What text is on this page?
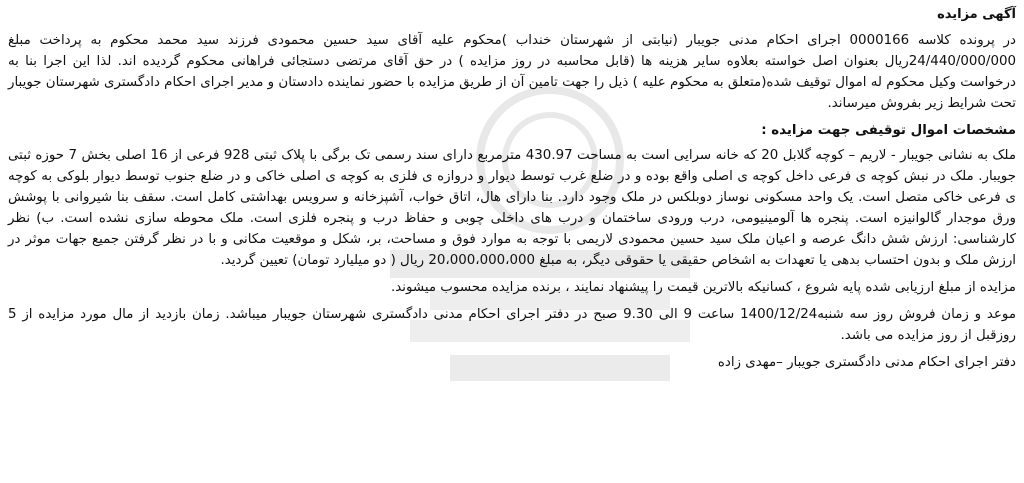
آگهی مزایده

در پرونده کلاسه 0000166 اجرای احکام مدنی جویبار (نیابتی از شهرستان خنداب )محکوم علیه آقای سید حسین محمودی فرزند سید محمد محکوم به پرداخت مبلغ 24/440/000/000ریال بعنوان اصل خواسته بعلاوه سایر هزینه ها (قابل محاسبه در روز مزایده ) در حق آقای مرتضی دستجائی فراهانی محکوم گردیده اند. لذا این اجرا بنا به درخواست وکیل محکوم له اموال توقیف شده(متعلق به محکوم علیه ) ذیل را جهت تامین آن از طریق مزایده با حضور نماینده دادستان و مدیر اجرای احکام دادگستری شهرستان جویبار تحت شرایط زیر بفروش میرساند.

مشخصات اموال توقیفی جهت مزایده :

ملک به نشانی جویبار - لاریم – کوچه گلابل 20 که خانه سرایی است به مساحت 430.97 مترمربع دارای سند رسمی تک برگی با پلاک ثبتی 928 فرعی از 16 اصلی بخش 7 حوزه ثبتی جویبار. ملک در نبش کوچه ی فرعی داخل کوچه ی اصلی واقع بوده و در ضلع غرب توسط دیوار و دروازه ی فلزی به کوچه ی اصلی خاکی و در ضلع جنوب توسط دیوار بلوکی به کوچه ی فرعی خاکی متصل است. یک واحد مسکونی نوساز دوبلکس در ملک وجود دارد. بنا دارای هال، اتاق خواب، آشپزخانه و سرویس بهداشتی کامل است. سقف بنا شیروانی با پوشش ورق موجدار گالوانیزه است. پنجره ها آلومینیومی، درب ورودی ساختمان و درب های داخلی چوبی و حفاظ درب و پنجره فلزی است. ملک محوطه سازی نشده است. ب) نظر کارشناسی: ارزش شش دانگ عرصه و اعیان ملک سید حسین محمودی لاریمی با توجه به موارد فوق و مساحت، بر، شکل و موقعیت مکانی و با در نظر گرفتن جمیع جهات موثر در ارزش ملک و بدون احتساب بدهی یا تعهدات به اشخاص حقیقی یا حقوقی دیگر، به مبلغ 20،000،000،000 ریال ( دو میلیارد تومان) تعیین گردید.

مزایده از مبلغ ارزیابی شده پایه شروع ، کسانیکه بالاترین قیمت را پیشنهاد نمایند ، برنده مزایده محسوب میشوند.

موعد و زمان فروش روز سه شنبه1400/12/24 ساعت 9 الی 9.30 صبح در دفتر اجرای احکام مدنی دادگستری شهرستان جویبار میباشد. زمان بازدید از مال مورد مزایده از 5 روزقبل از روز مزایده می باشد.

دفتر اجرای احکام مدنی دادگستری جویبار –مهدی زاده
